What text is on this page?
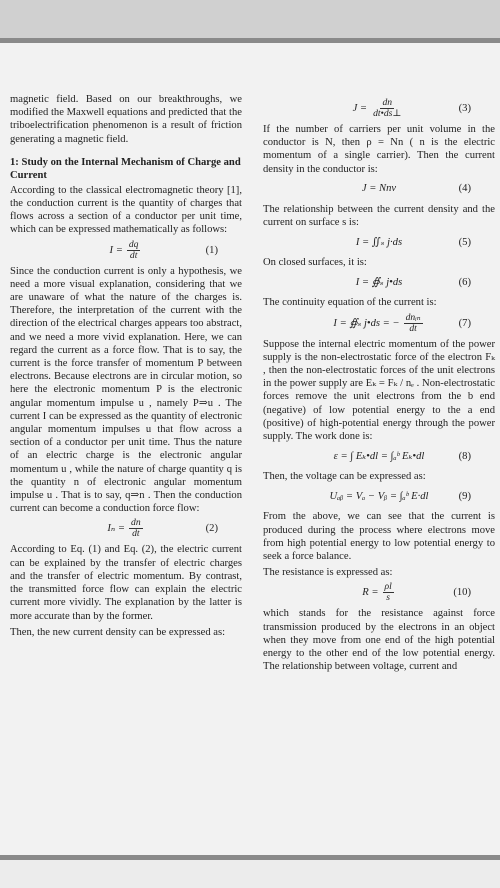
magnetic field. Based on our breakthroughs, we modified the Maxwell equations and predicted that the triboelectrification phenomenon is a result of friction generating a magnetic field.

1: Study on the Internal Mechanism of Charge and Current

According to the classical electromagnetic theory [1], the conduction current is the quantity of charges that flows across a section of a conductor per unit time, which can be expressed mathematically as follows:

$I = \frac{dq}{dt}$	(1)

Since the conduction current is only a hypothesis, we need a more visual explanation, considering that we are unaware of what the nature of the charges is. Therefore, the interpretation of the current with the direction of the electrical charges appears too abstract, and we need a more vivid explanation. Here, we can regard the current as a force flow. That is to say, the current is the force transfer of momentum P between electrons. Because electrons are in circular motion, so here the electronic momentum P is the electronic angular momentum impulse u , namely P⇒u . The current I can be expressed as the quantity of electronic angular momentum impulses u that flow across a section of a conductor per unit time. Thus the nature of an electric charge is the electronic angular momentum u , while the nature of charge quantity q is the quantity n of electronic angular momentum impulse u . That is to say, q⇒n . Then the conduction current can become a conduction force flow:

$I_n = \frac{dn}{dt}$	(2)

According to Eq. (1) and Eq. (2), the electric current can be explained by the transfer of electric charges and the transfer of electric momentum. By contrast, the transmitted force flow can explain the electric current more vividly. The explanation by the latter is more accurate than by the former.

Then, the new current density can be expressed as:

$J = \frac{dn}{dt•ds\perp}$	(3)

If the number of carriers per unit volume in the conductor is N, then ρ = Nn ( n is the electric momentum of a single carrier). Then the current density in the conductor is:

J = Nnv	(4)

The relationship between the current density and the current on surface s is:

I = ∬ₛ j·ds	(5)

On closed surfaces, it is:

I = ∯ₛ j•ds	(6)

The continuity equation of the current is:

I = ∯ₛ j•ds = − $\frac{\text{dnᵢₙ}}{dt}$	(7)

Suppose the internal electric momentum of the power supply is the non-electrostatic force of the electron Fₖ , then the non-electrostatic forces of the unit electrons in the power supply are Eₖ = Fₖ / nₑ . Non-electrostatic forces remove the unit electrons from the b end (negative) of low potential energy to the a end (positive) of high-potential energy through the power supply. The work done is:

ε = ∫ Eₖ•dl = ∫ₐᵇ Eₖ•dl	(8)

Then, the voltage can be expressed as:

Uₐᵦ = Vₐ − Vᵦ = ∫ₐᵇ E·dl	(9)

From the above, we can see that the current is produced during the process where electrons move from high potential energy to low potential energy to seek a force balance.

The resistance is expressed as:

$R = \frac{\rho l}{s}$	(10)

which stands for the resistance against force transmission produced by the electrons in an object when they move from one end of the high potential energy to the other end of the low potential energy. The relationship between voltage, current and
